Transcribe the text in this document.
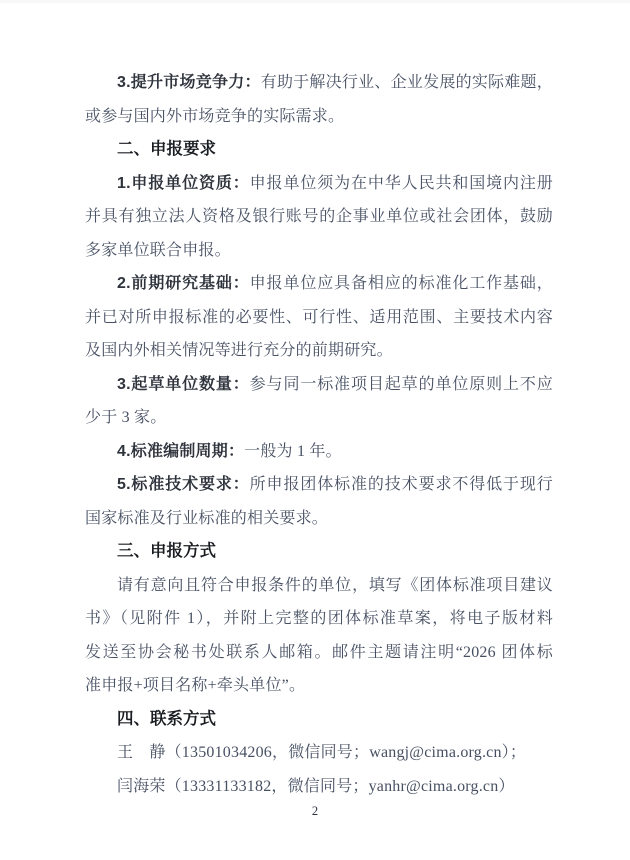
3.提升市场竞争力：有助于解决行业、企业发展的实际难题，
或参与国内外市场竞争的实际需求。
二、申报要求
1.申报单位资质：申报单位须为在中华人民共和国境内注册
并具有独立法人资格及银行账号的企事业单位或社会团体，鼓励
多家单位联合申报。
2.前期研究基础：申报单位应具备相应的标准化工作基础，
并已对所申报标准的必要性、可行性、适用范围、主要技术内容
及国内外相关情况等进行充分的前期研究。
3.起草单位数量：参与同一标准项目起草的单位原则上不应
少于 3 家。
4.标准编制周期：一般为 1 年。
5.标准技术要求：所申报团体标准的技术要求不得低于现行
国家标准及行业标准的相关要求。
三、申报方式
请有意向且符合申报条件的单位，填写《团体标准项目建议
书》（见附件 1），并附上完整的团体标准草案，将电子版材料
发送至协会秘书处联系人邮箱。邮件主题请注明“2026 团体标
准申报+项目名称+牵头单位”。
四、联系方式
王　静（13501034206，微信同号；wangj@cima.org.cn）；
闫海荣（13331133182，微信同号；yanhr@cima.org.cn）
2
